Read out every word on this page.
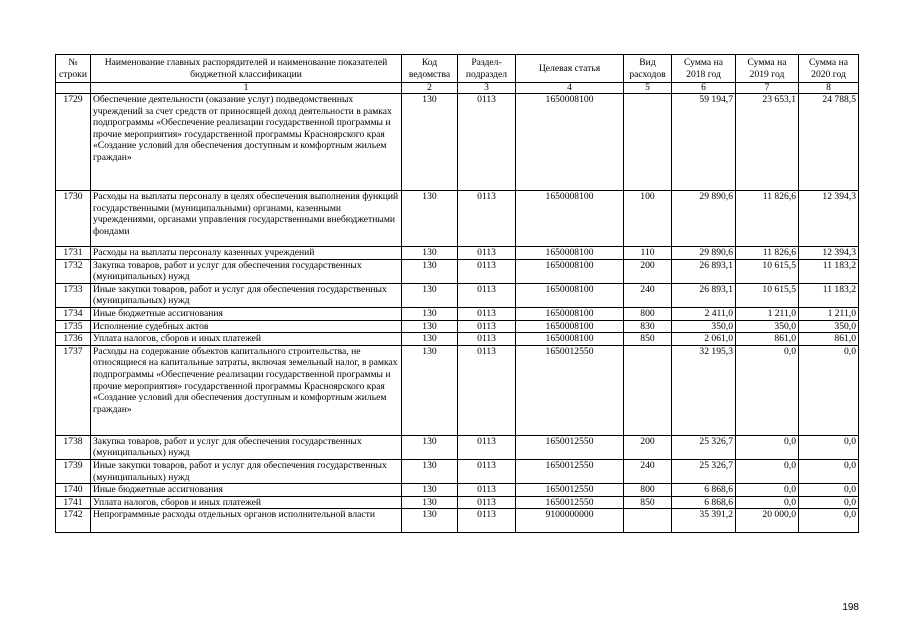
№ строки	Наименование главных распорядителей и наименование показателей бюджетной классификации	Код ведомства	Раздел-подраздел	Целевая статья	Вид расходов	Сумма на 2018 год	Сумма на 2019 год	Сумма на 2020 год
	1	2	3	4	5	6	7	8
1729	Обеспечение деятельности (оказание услуг) подведомственных учреждений за счет средств от приносящей доход деятельности в рамках подпрограммы «Обеспечение реализации государственной программы и прочие мероприятия» государственной программы Красноярского края «Создание условий для обеспечения доступным и комфортным жильем граждан»	130	0113	1650008100		59 194,7	23 653,1	24 788,5
1730	Расходы на выплаты персоналу в целях обеспечения выполнения функций государственными (муниципальными) органами, казенными учреждениями, органами управления государственными внебюджетными фондами	130	0113	1650008100	100	29 890,6	11 826,6	12 394,3
1731	Расходы на выплаты персоналу казенных учреждений	130	0113	1650008100	110	29 890,6	11 826,6	12 394,3
1732	Закупка товаров, работ и услуг для обеспечения государственных (муниципальных) нужд	130	0113	1650008100	200	26 893,1	10 615,5	11 183,2
1733	Иные закупки товаров, работ и услуг для обеспечения государственных (муниципальных) нужд	130	0113	1650008100	240	26 893,1	10 615,5	11 183,2
1734	Иные бюджетные ассигнования	130	0113	1650008100	800	2 411,0	1 211,0	1 211,0
1735	Исполнение судебных актов	130	0113	1650008100	830	350,0	350,0	350,0
1736	Уплата налогов, сборов и иных платежей	130	0113	1650008100	850	2 061,0	861,0	861,0
1737	Расходы на содержание объектов капитального строительства, не относящиеся на капитальные затраты, включая земельный налог, в рамках подпрограммы «Обеспечение реализации государственной программы и прочие мероприятия» государственной программы Красноярского края «Создание условий для обеспечения доступным и комфортным жильем граждан»	130	0113	1650012550		32 195,3	0,0	0,0
1738	Закупка товаров, работ и услуг для обеспечения государственных (муниципальных) нужд	130	0113	1650012550	200	25 326,7	0,0	0,0
1739	Иные закупки товаров, работ и услуг для обеспечения государственных (муниципальных) нужд	130	0113	1650012550	240	25 326,7	0,0	0,0
1740	Иные бюджетные ассигнования	130	0113	1650012550	800	6 868,6	0,0	0,0
1741	Уплата налогов, сборов и иных платежей	130	0113	1650012550	850	6 868,6	0,0	0,0
1742	Непрограммные расходы отдельных органов исполнительной власти	130	0113	9100000000		35 391,2	20 000,0	0,0
198
